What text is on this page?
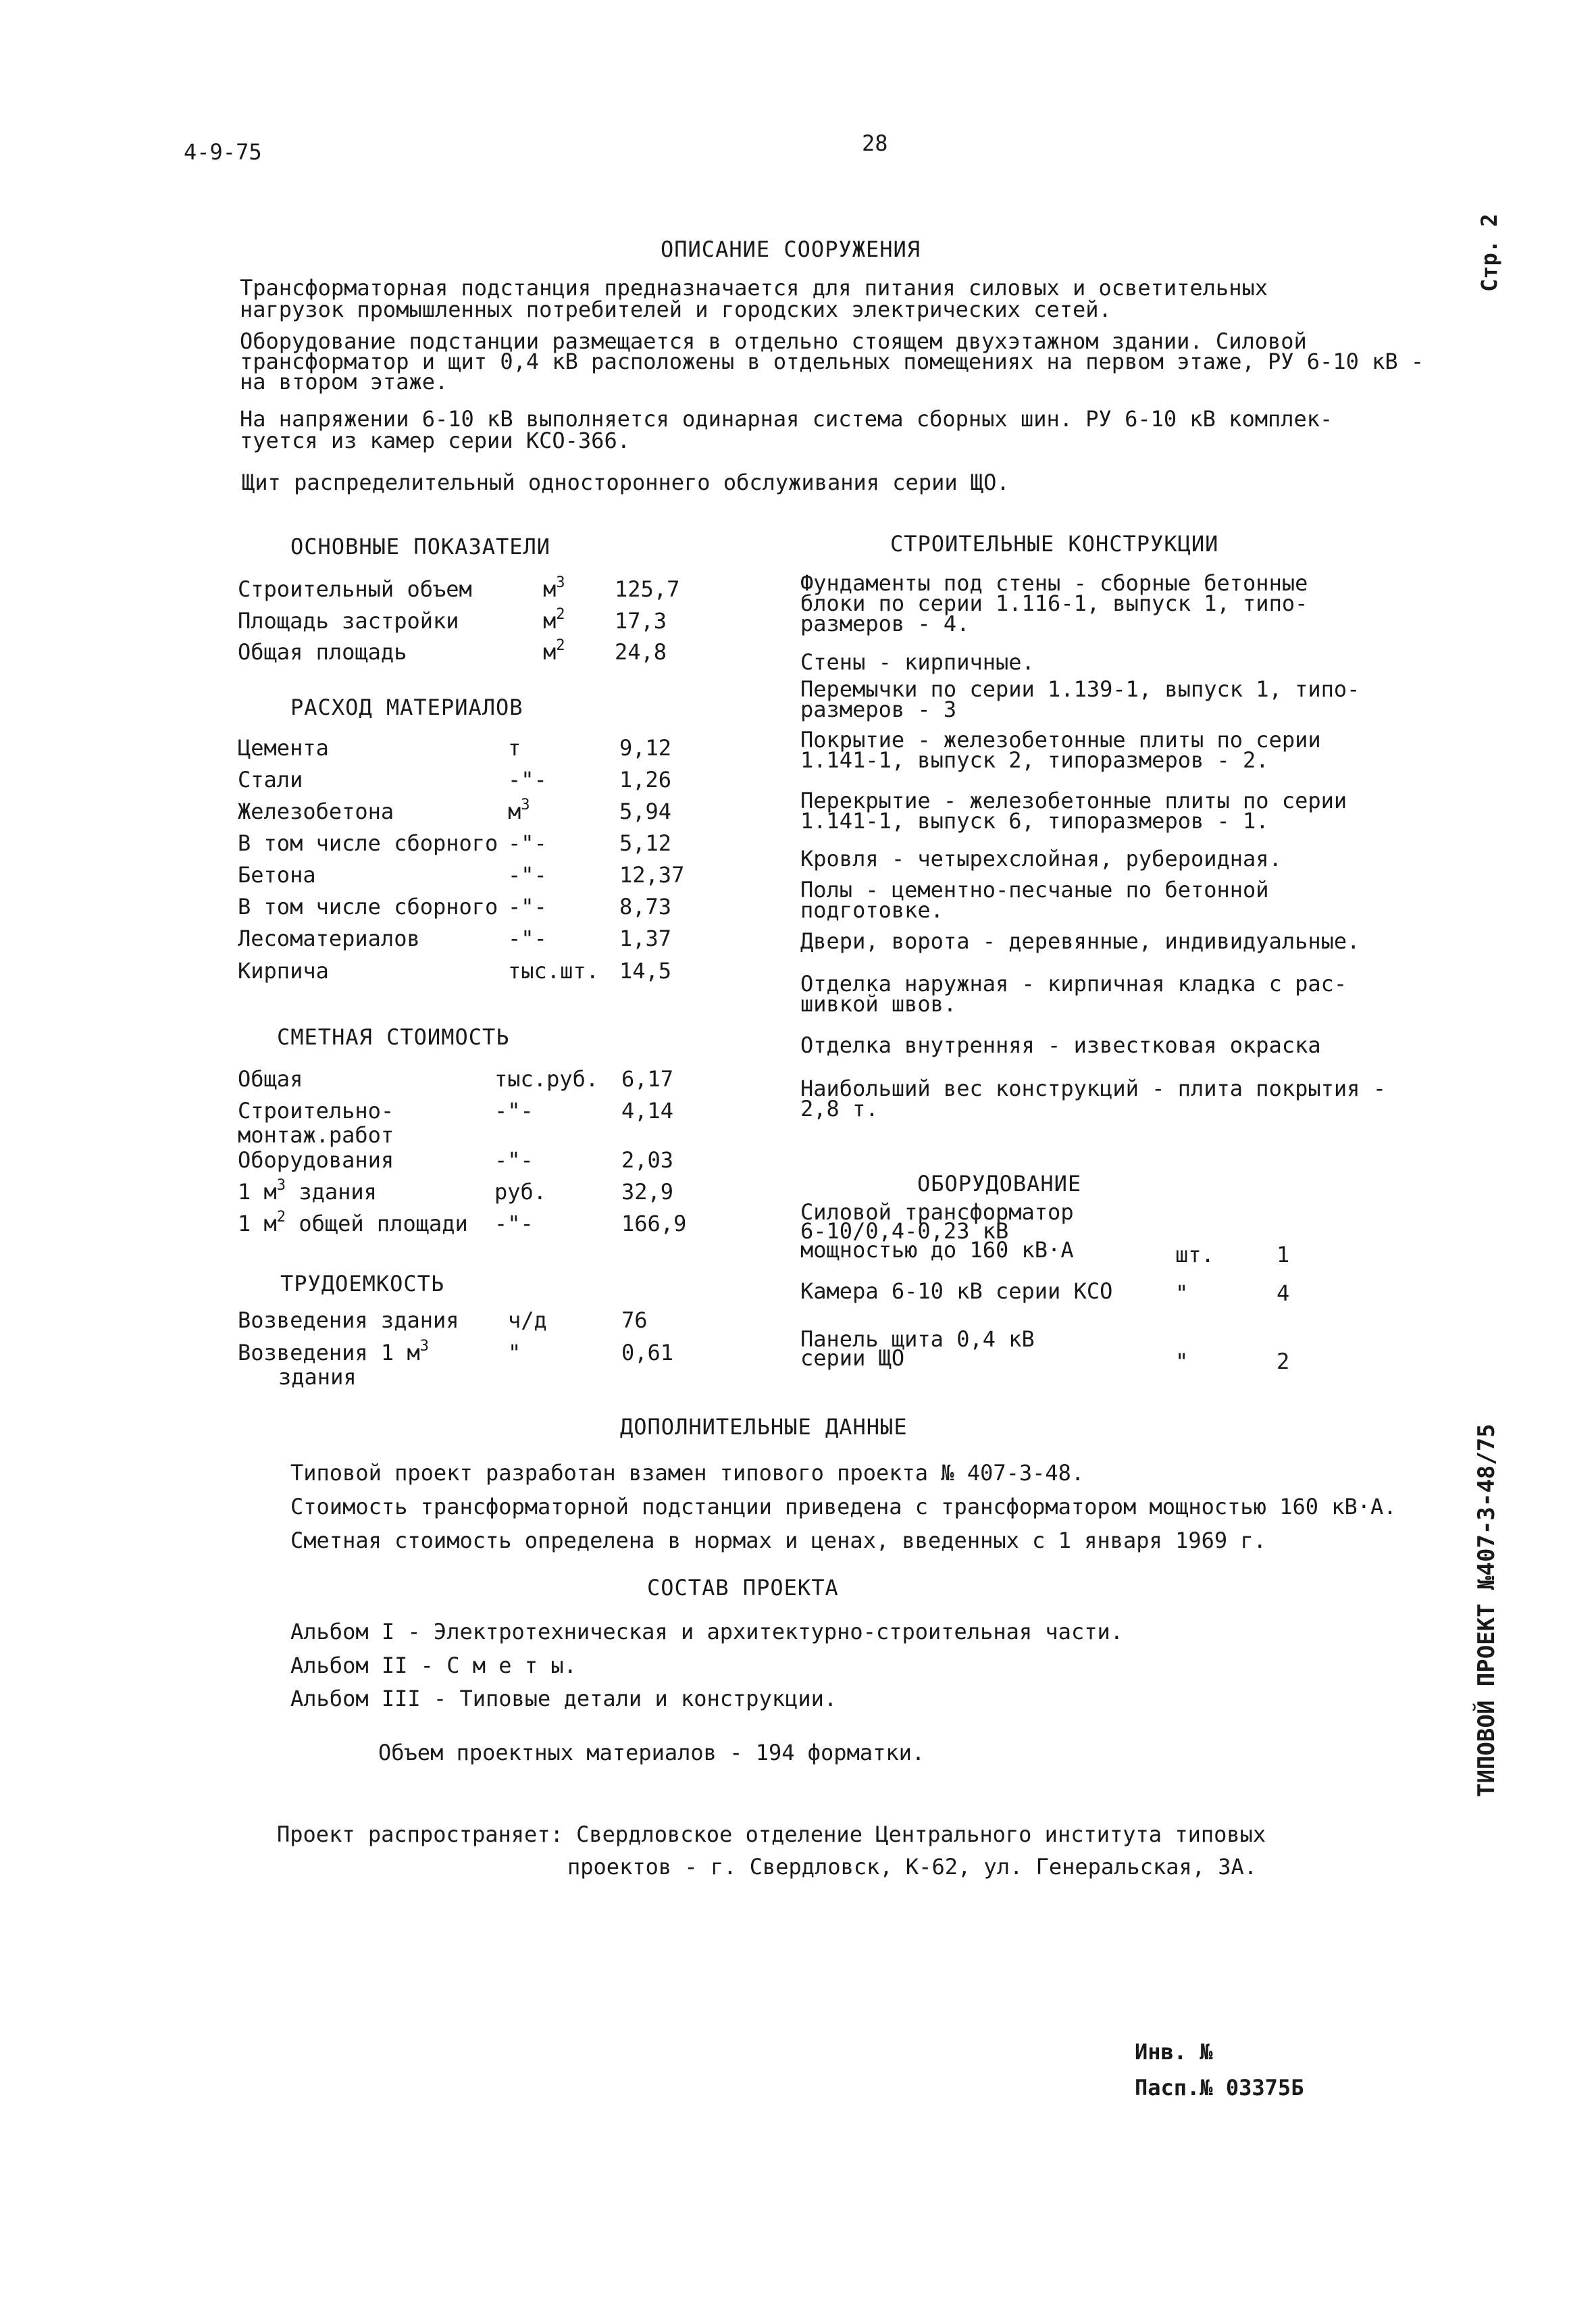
4-9-75	28
Стр. 2
ТИПОВОЙ ПРОЕКТ №407-3-48/75
ОПИСАНИЕ СООРУЖЕНИЯ
Трансформаторная подстанция предназначается для питания силовых и осветительных
нагрузок промышленных потребителей и городских электрических сетей.
Оборудование подстанции размещается в отдельно стоящем двухэтажном здании. Силовой
трансформатор и щит 0,4 кВ расположены в отдельных помещениях на первом этаже, РУ 6-10 кВ -
на втором этаже.
На напряжении 6-10 кВ выполняется одинарная система сборных шин. РУ 6-10 кВ комплек-
туется из камер серии КСО-366.
Щит распределительный одностороннего обслуживания серии ЩО.
ОСНОВНЫЕ ПОКАЗАТЕЛИ
Строительный объем	$м^3$ 125,7
Площадь застройки	$м^2$ 17,3
Общая площадь	$м^2$ 24,8
РАСХОД МАТЕРИАЛОВ
Цемента	т	9,12
Стали	-"-	1,26
Железобетона	$м^3$	5,94
В том числе сборного -"-	5,12
Бетона	-"-	12,37
В том числе сборного -"-	8,73
Лесоматериалов	-"-	1,37
Кирпича	тыс.шт. 14,5
СМЕТНАЯ СТОИМОСТЬ
Общая	тыс.руб. 6,17
Строительно-
монтаж.работ
-"-	4,14
Оборудования	-"-	2,03
1 $м^3$ здания	руб.	32,9
1 $м^2$ общей площади -"-	166,9
ТРУДОЕМКОСТЬ
Возведения здания ч/д	76
Возведения 1 $м^3$
здания
"	0,61
СТРОИТЕЛЬНЫЕ КОНСТРУКЦИИ
Фундаменты под стены - сборные бетонные
блоки по серии 1.116-1, выпуск 1, типо-
размеров - 4.
Стены - кирпичные.
Перемычки по серии 1.139-1, выпуск 1, типо-
размеров - 3
Покрытие - железобетонные плиты по серии
1.141-1, выпуск 2, типоразмеров - 2.
Перекрытие - железобетонные плиты по серии
1.141-1, выпуск 6, типоразмеров - 1.
Кровля - четырехслойная, рубероидная.
Полы - цементно-песчаные по бетонной
подготовке.
Двери, ворота - деревянные, индивидуальные.
Отделка наружная - кирпичная кладка с рас-
шивкой швов.
Отделка внутренняя - известковая окраска
Наибольший вес конструкций - плита покрытия -
2,8 т.
ОБОРУДОВАНИЕ
Силовой трансформатор
6-10/0,4-0,23 кВ
мощностью до 160 кВ·А	шт.	1
Камера 6-10 кВ серии КСО	"	4
Панель щита 0,4 кВ
серии ЩО	"	2
ДОПОЛНИТЕЛЬНЫЕ ДАННЫЕ
Типовой проект разработан взамен типового проекта № 407-3-48.
Стоимость трансформаторной подстанции приведена с трансформатором мощностью 160 кВ·А.
Сметная стоимость определена в нормах и ценах, введенных с 1 января 1969 г.
СОСТАВ ПРОЕКТА
Альбом I - Электротехническая и архитектурно-строительная части.
Альбом II - С м е т ы.
Альбом III - Типовые детали и конструкции.
Объем проектных материалов - 194 форматки.
Проект распространяет: Свердловское отделение Центрального института типовых
проектов - г. Свердловск, К-62, ул. Генеральская, 3А.
Инв. №
Пасп.№ 03375Б
